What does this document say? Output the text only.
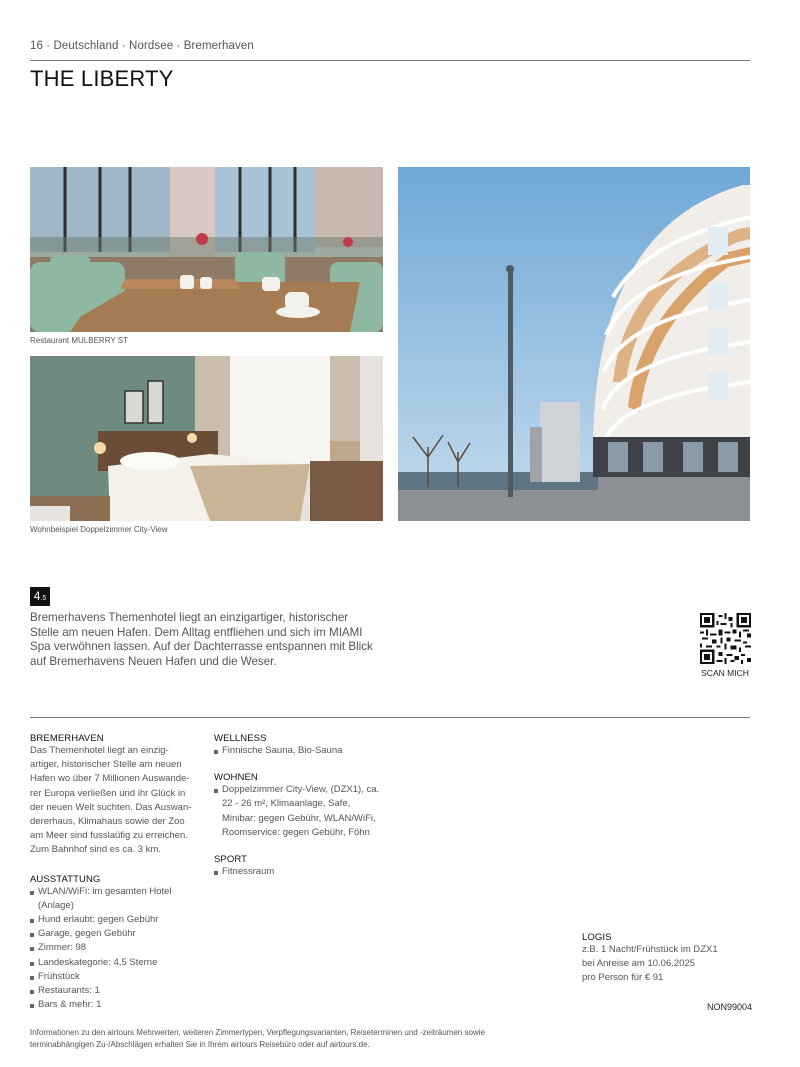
16 · Deutschland · Nordsee · Bremerhaven
THE LIBERTY
Restaurant MULBERRY ST
Wohnbeispiel Doppelzimmer City-View
4.5

Bremerhavens Themenhotel liegt an einzigartiger, historischer Stelle am neuen Hafen. Dem Alltag entfliehen und sich im MIAMI Spa verwöhnen lassen. Auf der Dachterrasse entspannen mit Blick auf Bremerhavens Neuen Hafen und die Weser.

SCAN MICH
BREMERHAVEN
Das Themenhotel liegt an einzig-
artiger, historischer Stelle am neuen
Hafen wo über 7 Millionen Auswande-
rer Europa verließen und ihr Glück in
der neuen Welt suchten. Das Auswan-
dererhaus, Klimahaus sowie der Zoo
am Meer sind fusslaüfig zu erreichen.
Zum Bahnhof sind es ca. 3 km.
AUSSTATTUNG
WLAN/WiFi: im gesamten Hotel (Anlage)
Hund erlaubt: gegen Gebühr
Garage, gegen Gebühr
Zimmer: 98
Landeskategorie: 4,5 Sterne
Frühstück
Restaurants: 1
Bars & mehr: 1
WELLNESS
Finnische Sauna, Bio-Sauna
WOHNEN
Doppelzimmer City-View, (DZX1), ca. 22 - 26 m², Klimaanlage, Safe, Minibar: gegen Gebühr, WLAN/WiFi, Roomservice: gegen Gebühr, Föhn
SPORT
Fitnessraum
LOGIS
z.B. 1 Nacht/Frühstück im DZX1
bei Anreise am 10.06.2025
pro Person für € 91
NON99004
Informationen zu den airtours Mehrwerten, weiteren Zimmertypen, Verpflegungsvarianten, Reiseterminen und -zeiträumen sowie terminabhängigen Zu-/Abschlägen erhalten Sie in Ihrem airtours Reisebüro oder auf airtours.de.
